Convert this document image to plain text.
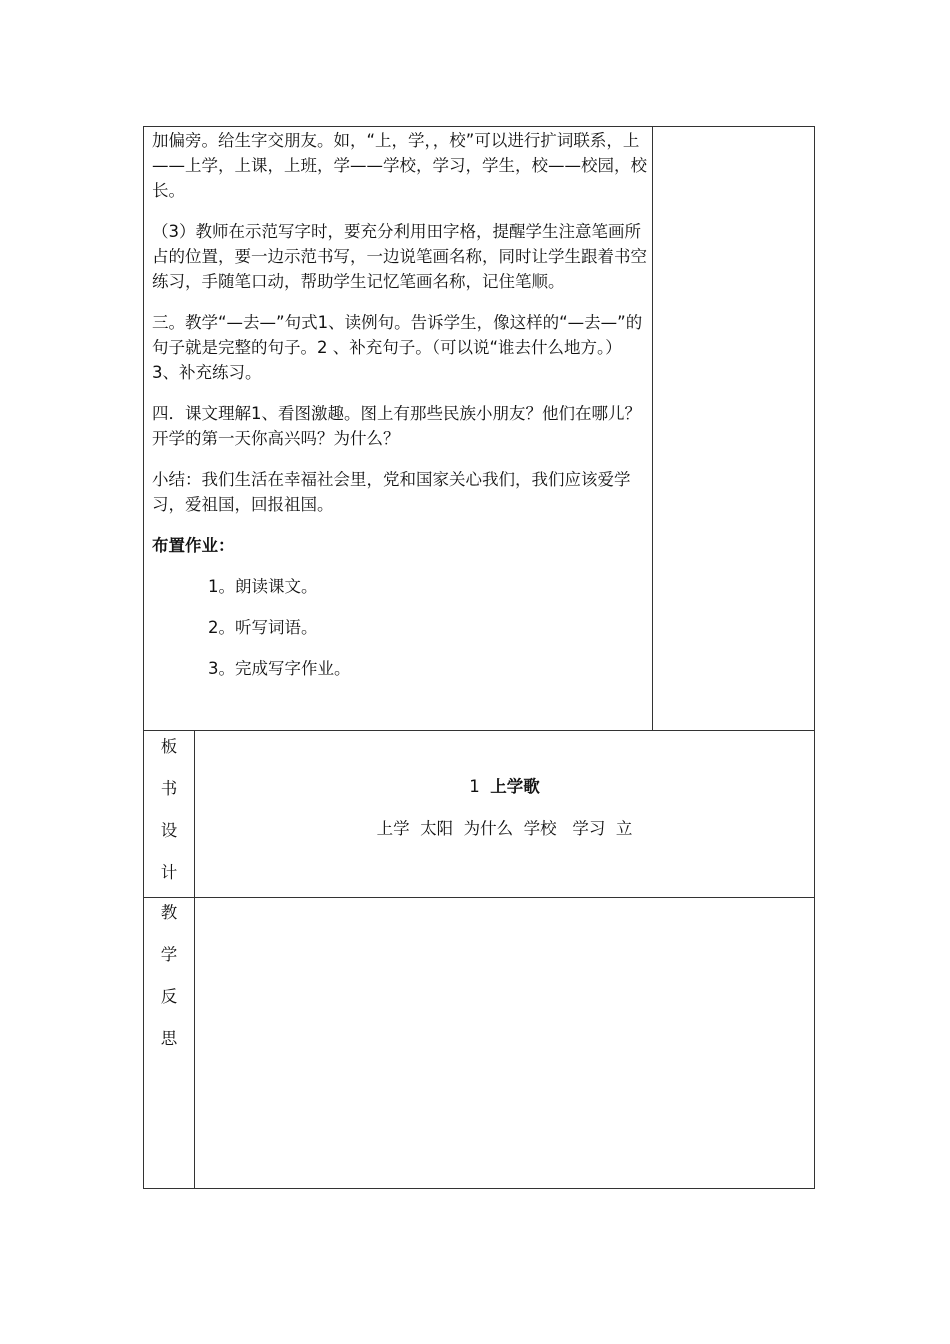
加偏旁。给生字交朋友。如，“上，学，，校”可以进行扩词联系，上——上学，上课，上班，学——学校，学习，学生，校——校园，校长。

（3）教师在示范写字时，要充分利用田字格，提醒学生注意笔画所占的位置，要一边示范书写，一边说笔画名称，同时让学生跟着书空练习，手随笔口动，帮助学生记忆笔画名称，记住笔顺。

三。教学“—去—”句式1、读例句。告诉学生，像这样的“—去—”的句子就是完整的句子。2 、补充句子。（可以说“谁去什么地方。）3、补充练习。

四．课文理解1、看图激趣。图上有那些民族小朋友？他们在哪儿？开学的第一天你高兴吗？为什么？

小结：我们生活在幸福社会里，党和国家关心我们，我们应该爱学习，爱祖国，回报祖国。

布置作业：

1。朗读课文。

2。听写词语。

3。完成写字作业。

板
书
设
计
1 上学歌
上学  太阳  为什么  学校   学习  立
教
学
反
思
